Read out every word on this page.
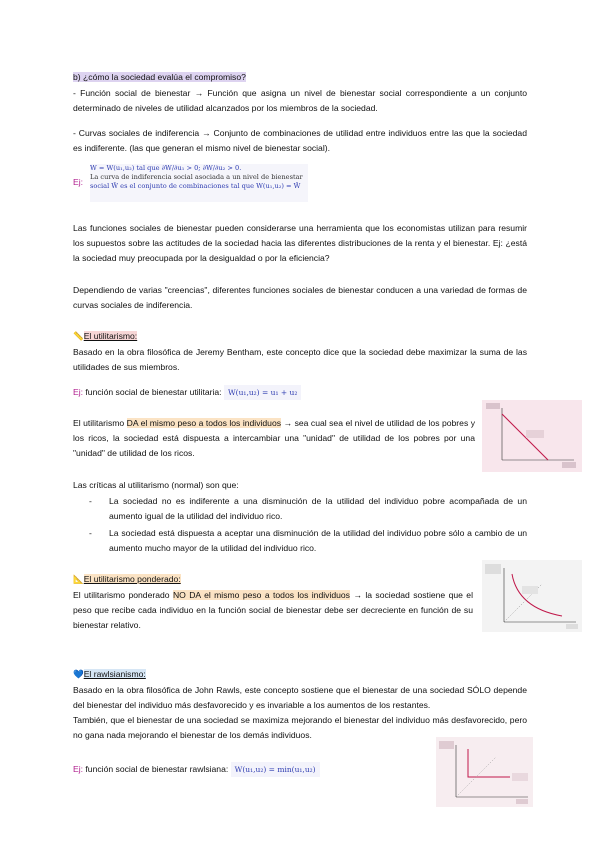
b) ¿cómo la sociedad evalúa el compromiso?

- Función social de bienestar → Función que asigna un nivel de bienestar social correspondiente a un conjunto determinado de niveles de utilidad alcanzados por los miembros de la sociedad.

- Curvas sociales de indiferencia → Conjunto de combinaciones de utilidad entre individuos entre las que la sociedad es indiferente. (las que generan el mismo nivel de bienestar social).

Ej:
W = W(u₁,u₂) tal que ∂W/∂u₁ > 0; ∂W/∂u₂ > 0.
La curva de indiferencia social asociada a un nivel de bienestar
social W̄ es el conjunto de combinaciones tal que W(u₁,u₂) = W̄

Las funciones sociales de bienestar pueden considerarse una herramienta que los economistas utilizan para resumir los supuestos sobre las actitudes de la sociedad hacia las diferentes distribuciones de la renta y el bienestar. Ej: ¿está la sociedad muy preocupada por la desigualdad o por la eficiencia?

Dependiendo de varias "creencias", diferentes funciones sociales de bienestar conducen a una variedad de formas de curvas sociales de indiferencia.

📏El utilitarismo:

Basado en la obra filosófica de Jeremy Bentham, este concepto dice que la sociedad debe maximizar la suma de las utilidades de sus miembros.

Ej: función social de bienestar utilitaria: W(u₁,u₂) = u₁ + u₂

El utilitarismo DA el mismo peso a todos los individuos → sea cual sea el nivel de utilidad de los pobres y los ricos, la sociedad está dispuesta a intercambiar una "unidad" de utilidad de los pobres por una "unidad" de utilidad de los ricos.

Las críticas al utilitarismo (normal) son que:

- La sociedad no es indiferente a una disminución de la utilidad del individuo pobre acompañada de un aumento igual de la utilidad del individuo rico.
- La sociedad está dispuesta a aceptar una disminución de la utilidad del individuo pobre sólo a cambio de un aumento mucho mayor de la utilidad del individuo rico.

📐El utilitarismo ponderado:

El utilitarismo ponderado NO DA el mismo peso a todos los individuos → la sociedad sostiene que el peso que recibe cada individuo en la función social de bienestar debe ser decreciente en función de su bienestar relativo.

💙El rawlsianismo:

Basado en la obra filosófica de John Rawls, este concepto sostiene que el bienestar de una sociedad SÓLO depende del bienestar del individuo más desfavorecido y es invariable a los aumentos de los restantes.

También, que el bienestar de una sociedad se maximiza mejorando el bienestar del individuo más desfavorecido, pero no gana nada mejorando el bienestar de los demás individuos.

Ej: función social de bienestar rawlsiana: W(u₁,u₂) = min(u₁,u₂)
